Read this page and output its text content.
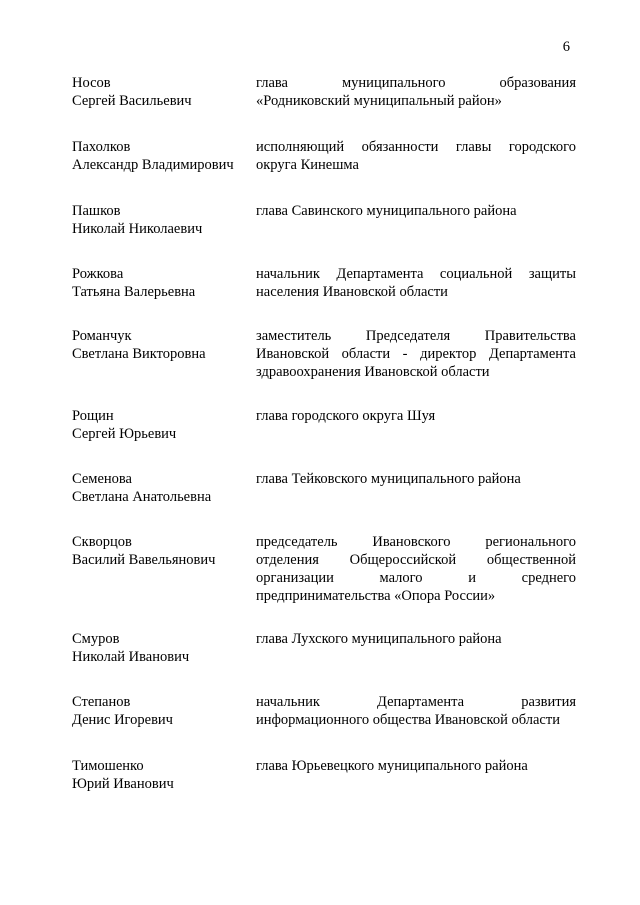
6
Носов
Сергей Васильевич
глава муниципального образования
«Родниковский муниципальный район»
Пахолков
Александр Владимирович
исполняющий обязанности главы городского
округа Кинешма
Пашков
Николай Николаевич
глава Савинского муниципального района
Рожкова
Татьяна Валерьевна
начальник Департамента социальной защиты
населения Ивановской области
Романчук
Светлана Викторовна
заместитель Председателя Правительства
Ивановской области - директор Департамента
здравоохранения Ивановской области
Рощин
Сергей Юрьевич
глава городского округа Шуя
Семенова
Светлана Анатольевна
глава Тейковского муниципального района
Скворцов
Василий Вавельянович
председатель Ивановского регионального
отделения Общероссийской общественной
организации малого и среднего
предпринимательства «Опора России»
Смуров
Николай Иванович
глава Лухского муниципального района
Степанов
Денис Игоревич
начальник Департамента развития
информационного общества Ивановской области
Тимошенко
Юрий Иванович
глава Юрьевецкого муниципального района
